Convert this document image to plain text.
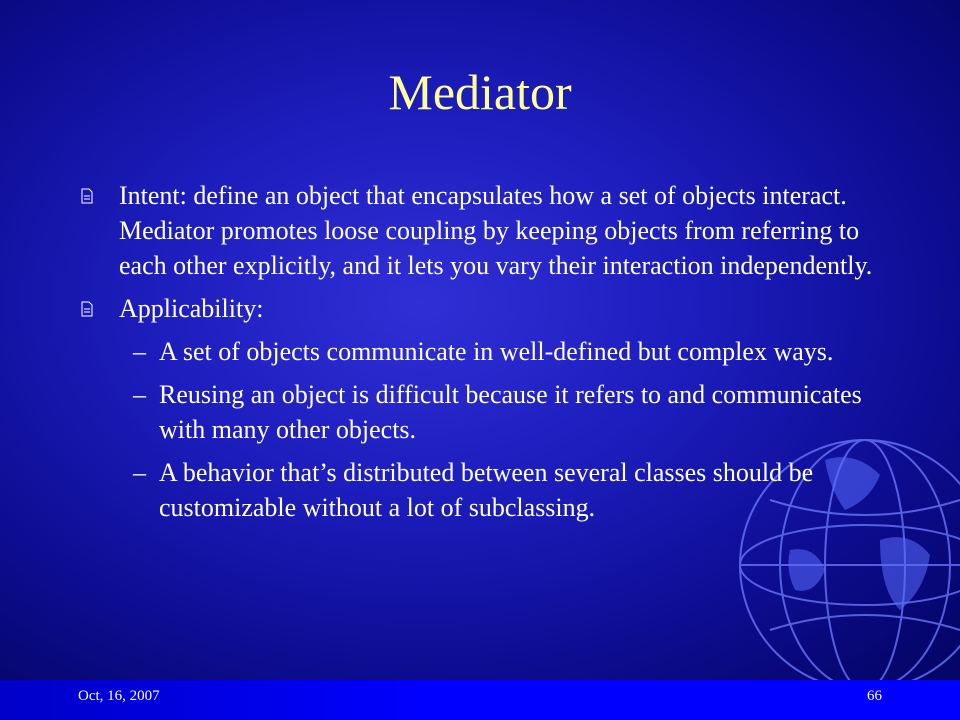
Mediator
Intent: define an object that encapsulates how a set of objects interact. Mediator promotes loose coupling by keeping objects from referring to each other explicitly, and it lets you vary their interaction independently.
Applicability:
– A set of objects communicate in well-defined but complex ways.
– Reusing an object is difficult because it refers to and communicates with many other objects.
– A behavior that’s distributed between several classes should be customizable without a lot of subclassing.
Oct, 16, 2007	66
